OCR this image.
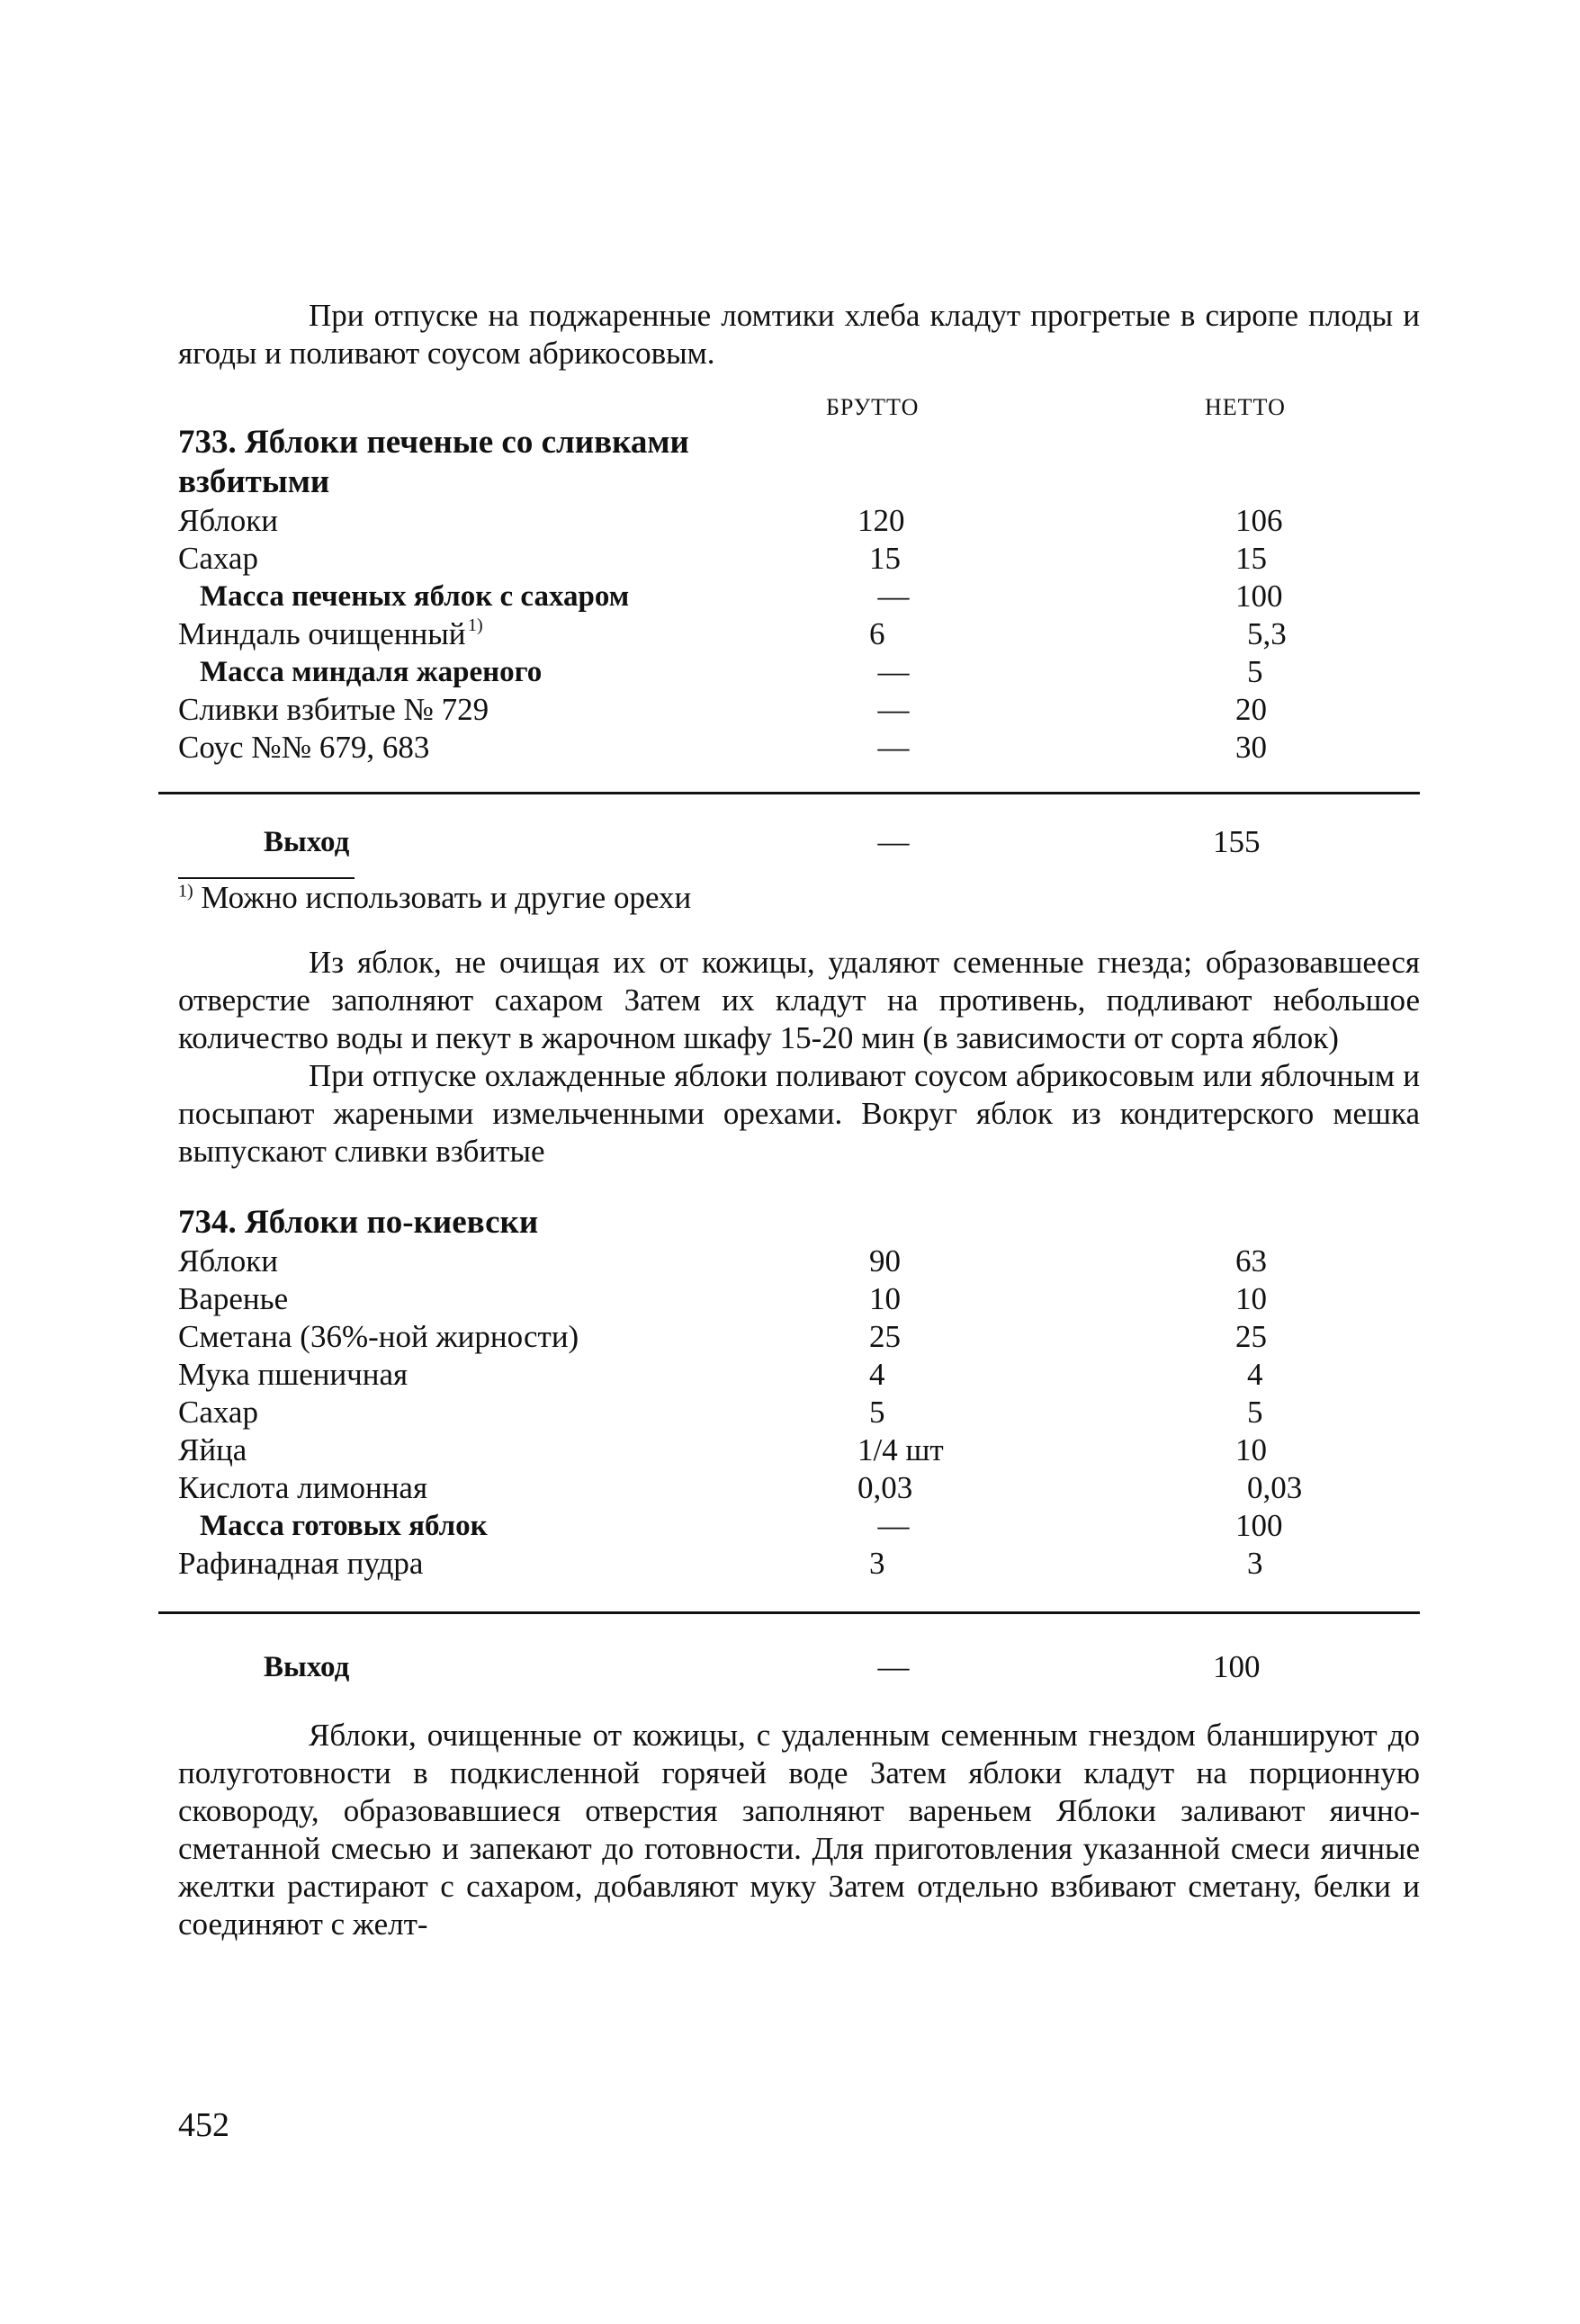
При отпуске на поджаренные ломтики хлеба кладут прогретые в сиропе плоды и ягоды и поливают соусом абрикосовым.

БРУТТО	НЕТТО

733. Яблоки печеные со сливками взбитыми

Яблоки	120	106
Сахар	15	15
Масса печеных яблок с сахаром	—	100
Миндаль очищенный 1)	6	5,3
Масса миндаля жареного	—	5
Сливки взбитые № 729	—	20
Соус №№ 679, 683	—	30
Выход	—	155

$^{1)}$ Можно использовать и другие орехи

Из яблок, не очищая их от кожицы, удаляют семенные гнезда; образовавшееся отверстие заполняют сахаром Затем их кладут на противень, подливают небольшое количество воды и пекут в жарочном шкафу 15-20 мин (в зависимости от сорта яблок)

При отпуске охлажденные яблоки поливают соусом абрикосовым или яблочным и посыпают жареными измельченными орехами. Вокруг яблок из кондитерского мешка выпускают сливки взбитые

734. Яблоки по-киевски

Яблоки	90	63
Варенье	10	10
Сметана (36%-ной жирности)	25	25
Мука пшеничная	4	4
Сахар	5	5
Яйца	1/4 шт	10
Кислота лимонная	0,03	0,03
Масса готовых яблок	—	100
Рафинадная пудра	3	3
Выход	—	100

Яблоки, очищенные от кожицы, с удаленным семенным гнездом бланшируют до полуготовности в подкисленной горячей воде Затем яблоки кладут на порционную сковороду, образовавшиеся отверстия заполняют вареньем Яблоки заливают яично-сметанной смесью и запекают до готовности. Для приготовления указанной смеси яичные желтки растирают с сахаром, добавляют муку Затем отдельно взбивают сметану, белки и соединяют с желт-

452
